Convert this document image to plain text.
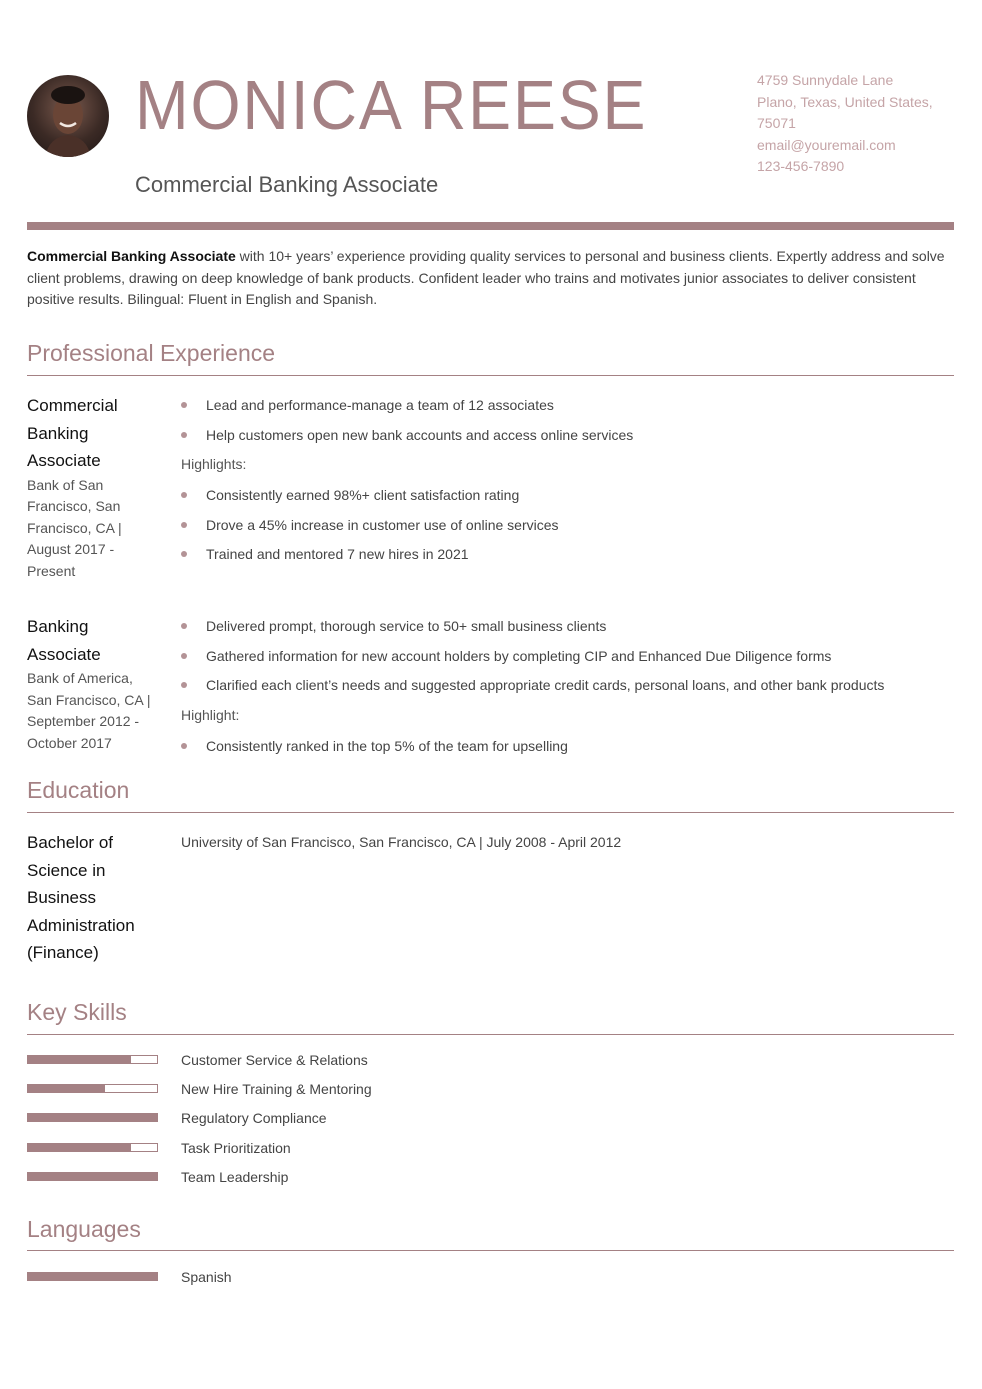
MONICA REESE
Commercial Banking Associate
4759 Sunnydale Lane
Plano, Texas, United States,
75071
email@youremail.com
123-456-7890
Commercial Banking Associate with 10+ years’ experience providing quality services to personal and business clients. Expertly address and solve client problems, drawing on deep knowledge of bank products. Confident leader who trains and motivates junior associates to deliver consistent positive results. Bilingual: Fluent in English and Spanish.
Professional Experience
Commercial
Banking
Associate
Bank of San
Francisco, San
Francisco, CA |
August 2017 -
Present
Lead and performance-manage a team of 12 associates
Help customers open new bank accounts and access online services
Highlights:
Consistently earned 98%+ client satisfaction rating
Drove a 45% increase in customer use of online services
Trained and mentored 7 new hires in 2021
Banking
Associate
Bank of America,
San Francisco, CA |
September 2012 -
October 2017
Delivered prompt, thorough service to 50+ small business clients
Gathered information for new account holders by completing CIP and Enhanced Due Diligence forms
Clarified each client’s needs and suggested appropriate credit cards, personal loans, and other bank products
Highlight:
Consistently ranked in the top 5% of the team for upselling
Education
Bachelor of
Science in
Business
Administration
(Finance)
University of San Francisco, San Francisco, CA | July 2008 - April 2012
Key Skills
Customer Service & Relations
New Hire Training & Mentoring
Regulatory Compliance
Task Prioritization
Team Leadership
Languages
Spanish
